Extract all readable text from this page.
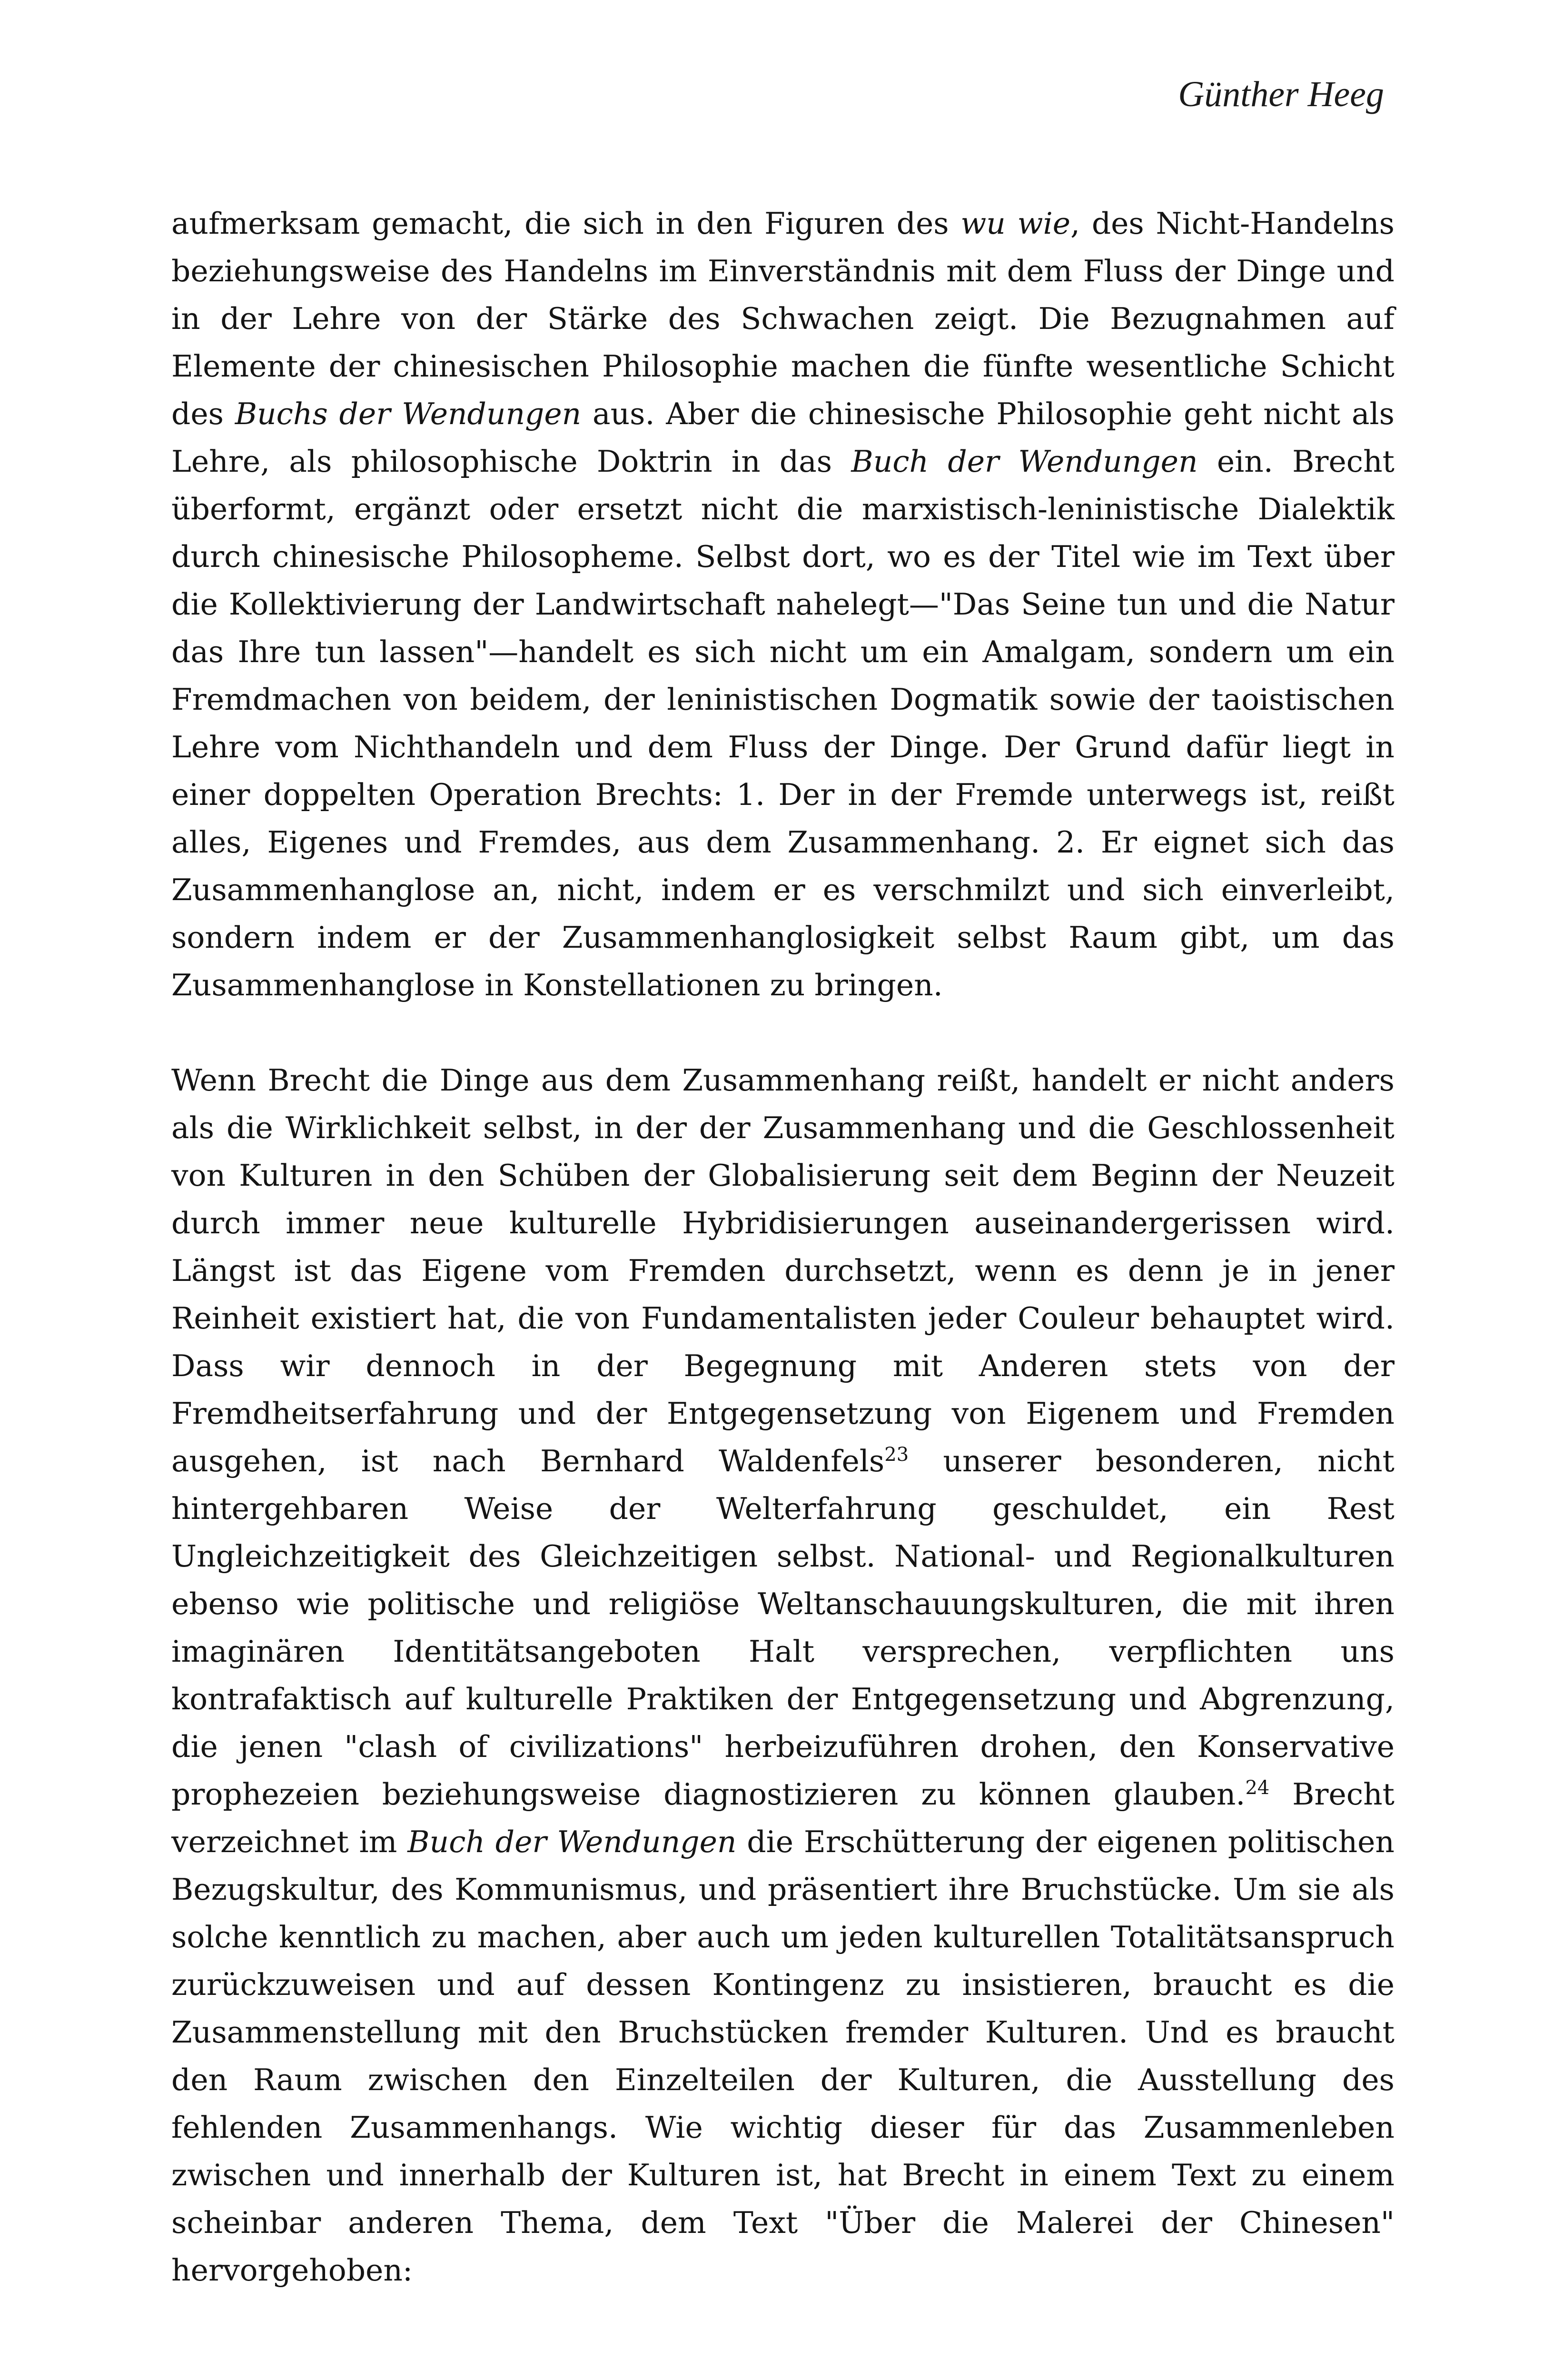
Günther Heeg

aufmerksam gemacht, die sich in den Figuren des wu wie, des Nicht-Handelns beziehungsweise des Handelns im Einverständnis mit dem Fluss der Dinge und in der Lehre von der Stärke des Schwachen zeigt. Die Bezugnahmen auf Elemente der chinesischen Philosophie machen die fünfte wesentliche Schicht des Buchs der Wendungen aus. Aber die chinesische Philosophie geht nicht als Lehre, als philosophische Doktrin in das Buch der Wendungen ein. Brecht überformt, ergänzt oder ersetzt nicht die marxistisch-leninistische Dialektik durch chinesische Philosopheme. Selbst dort, wo es der Titel wie im Text über die Kollektivierung der Landwirtschaft nahelegt—"Das Seine tun und die Natur das Ihre tun lassen"—handelt es sich nicht um ein Amalgam, sondern um ein Fremdmachen von beidem, der leninistischen Dogmatik sowie der taoistischen Lehre vom Nichthandeln und dem Fluss der Dinge. Der Grund dafür liegt in einer doppelten Operation Brechts: 1. Der in der Fremde unterwegs ist, reißt alles, Eigenes und Fremdes, aus dem Zusammenhang. 2. Er eignet sich das Zusammenhanglose an, nicht, indem er es verschmilzt und sich einverleibt, sondern indem er der Zusammenhanglosigkeit selbst Raum gibt, um das Zusammenhanglose in Konstellationen zu bringen.

Wenn Brecht die Dinge aus dem Zusammenhang reißt, handelt er nicht anders als die Wirklichkeit selbst, in der der Zusammenhang und die Geschlossenheit von Kulturen in den Schüben der Globalisierung seit dem Beginn der Neuzeit durch immer neue kulturelle Hybridisierungen auseinandergerissen wird. Längst ist das Eigene vom Fremden durchsetzt, wenn es denn je in jener Reinheit existiert hat, die von Fundamentalisten jeder Couleur behauptet wird. Dass wir dennoch in der Begegnung mit Anderen stets von der Fremdheitserfahrung und der Entgegensetzung von Eigenem und Fremden ausgehen, ist nach Bernhard Waldenfels$^{23}$ unserer besonderen, nicht hintergehbaren Weise der Welterfahrung geschuldet, ein Rest Ungleichzeitigkeit des Gleichzeitigen selbst. National- und Regionalkulturen ebenso wie politische und religiöse Weltanschauungskulturen, die mit ihren imaginären Identitätsangeboten Halt versprechen, verpflichten uns kontrafaktisch auf kulturelle Praktiken der Entgegensetzung und Abgrenzung, die jenen "clash of civilizations" herbeizuführen drohen, den Konservative prophezeien beziehungsweise diagnostizieren zu können glauben.$^{24}$ Brecht verzeichnet im Buch der Wendungen die Erschütterung der eigenen politischen Bezugskultur, des Kommunismus, und präsentiert ihre Bruchstücke. Um sie als solche kenntlich zu machen, aber auch um jeden kulturellen Totalitätsanspruch zurückzuweisen und auf dessen Kontingenz zu insistieren, braucht es die Zusammenstellung mit den Bruchstücken fremder Kulturen. Und es braucht den Raum zwischen den Einzelteilen der Kulturen, die Ausstellung des fehlenden Zusammenhangs. Wie wichtig dieser für das Zusammenleben zwischen und innerhalb der Kulturen ist, hat Brecht in einem Text zu einem scheinbar anderen Thema, dem Text "Über die Malerei der Chinesen" hervorgehoben:
